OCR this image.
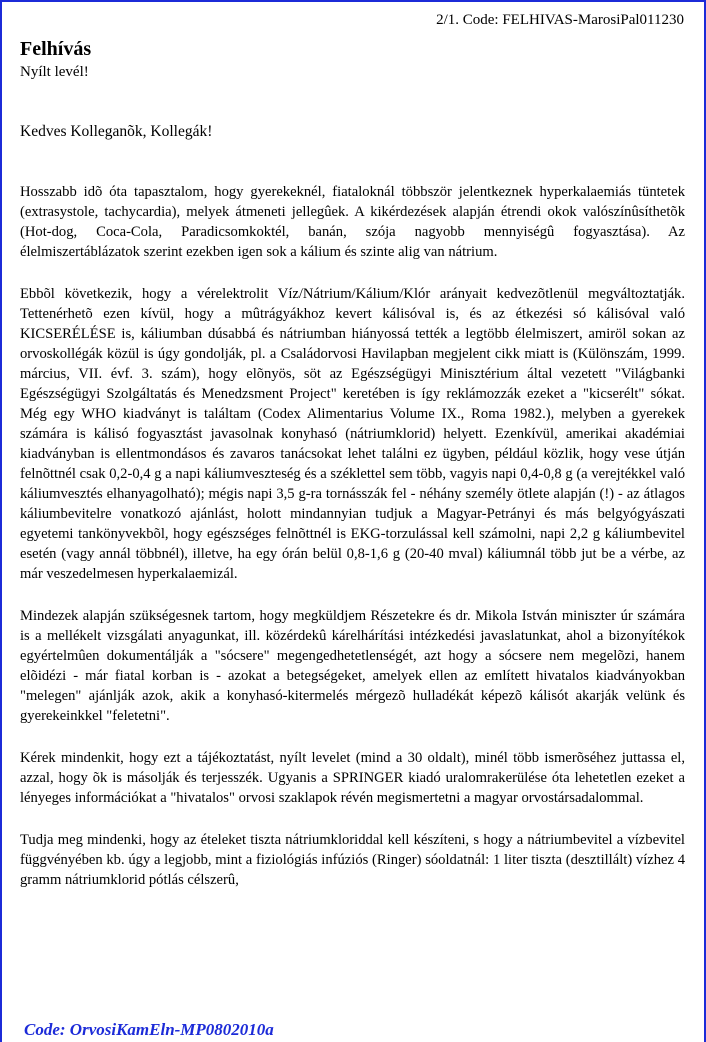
2/1. Code: FELHIVAS-MarosiPal011230
Felhívás
Nyílt levél!
Kedves Kolleganõk, Kollegák!

Hosszabb idõ óta tapasztalom, hogy gyerekeknél, fiataloknál többször jelentkeznek hyperkalaemiás tüntetek (extrasystole, tachycardia), melyek átmeneti jellegûek. A kikérdezések alapján étrendi okok valószínûsíthetõk (Hot-dog, Coca-Cola, Paradicsomkoktél, banán, szója nagyobb mennyiségû fogyasztása). Az élelmiszertáblázatok szerint ezekben igen sok a kálium és szinte alig van nátrium.

Ebbõl következik, hogy a vérelektrolit Víz/Nátrium/Kálium/Klór arányait kedvezõtlenül megváltoztatják. Tettenérhetõ ezen kívül, hogy a mûtrágyákhoz kevert kálisóval is, és az étkezési só kálisóval való KICSERÉLÉSE is, káliumban dúsabbá és nátriumban hiányossá tették a legtöbb élelmiszert, amiröl sokan az orvoskollégák közül is úgy gondolják, pl. a Családorvosi Havilapban megjelent cikk miatt is (Különszám, 1999. március, VII. évf. 3. szám), hogy elõnyös, söt az Egészségügyi Minisztérium által vezetett "Világbanki Egészségügyi Szolgáltatás és Menedzsment Project" keretében is így reklámozzák ezeket a "kicserélt" sókat. Még egy WHO kiadványt is találtam (Codex Alimentarius Volume IX., Roma 1982.), melyben a gyerekek számára is kálisó fogyasztást javasolnak konyhasó (nátriumklorid) helyett. Ezenkívül, amerikai akadémiai kiadványban is ellentmondásos és zavaros tanácsokat lehet találni ez ügyben, például közlik, hogy vese útján felnõttnél csak 0,2-0,4 g a napi káliumveszteség és a széklettel sem több, vagyis napi 0,4-0,8 g (a verejtékkel való káliumvesztés elhanyagolható); mégis napi 3,5 g-ra tornásszák fel - néhány személy ötlete alapján (!) - az átlagos káliumbevitelre vonatkozó ajánlást, holott mindannyian tudjuk a Magyar-Petrányi és más belgyógyászati egyetemi tankönyvekbõl, hogy egészséges felnõttnél is EKG-torzulással kell számolni, napi 2,2 g káliumbevitel esetén (vagy annál többnél), illetve, ha egy órán belül 0,8-1,6 g (20-40 mval) káliumnál több jut be a vérbe, az már veszedelmesen hyperkalaemizál.

Mindezek alapján szükségesnek tartom, hogy megküldjem Részetekre és dr. Mikola István miniszter úr számára is a mellékelt vizsgálati anyagunkat, ill. közérdekû kárelhárítási intézkedési javaslatunkat, ahol a bizonyítékok egyértelmûen dokumentálják a "sócsere" megengedhetetlenségét, azt hogy a sócsere nem megelõzi, hanem elõidézi - már fiatal korban is - azokat a betegségeket, amelyek ellen az említett hivatalos kiadványokban "melegen" ajánlják azok, akik a konyhasó-kitermelés mérgezõ hulladékát képezõ kálisót akarják velünk és gyerekeinkkel "feletetni".

Kérek mindenkit, hogy ezt a tájékoztatást, nyílt levelet (mind a 30 oldalt), minél több ismerõséhez juttassa el, azzal, hogy õk is másolják és terjesszék. Ugyanis a SPRINGER kiadó uralomrakerülése óta lehetetlen ezeket a lényeges információkat a "hivatalos" orvosi szaklapok révén megismertetni a magyar orvostársadalommal.

Tudja meg mindenki, hogy az ételeket tiszta nátriumkloriddal kell készíteni, s hogy a nátriumbevitel a vízbevitel függvényében kb. úgy a legjobb, mint a fiziológiás infúziós (Ringer) sóoldatnál: 1 liter tiszta (desztillált) vízhez 4 gramm nátriumklorid pótlás célszerû,

Code: OrvosiKamEln-MP0802010a
